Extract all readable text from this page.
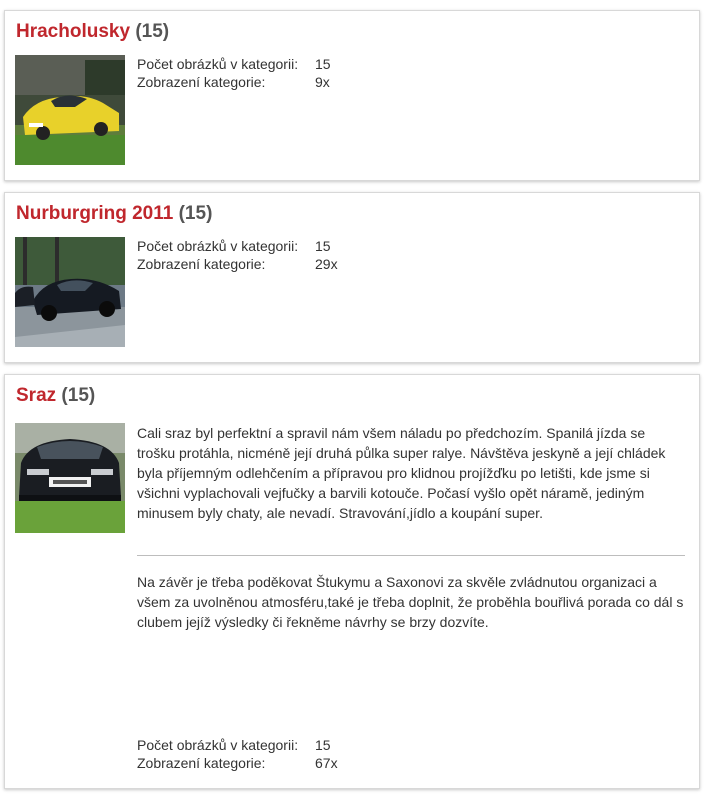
Hracholusky (15)
Počet obrázků v kategorii: 15
Zobrazení kategorie:	9x
Nurburgring 2011 (15)
Počet obrázků v kategorii: 15
Zobrazení kategorie:	29x
Sraz (15)

Cali sraz byl perfektní a spravil nám všem náladu po předchozím. Spanilá jízda se trošku protáhla, nicméně její druhá půlka super ralye. Návštěva jeskyně a její chládek byla příjemným odlehčením a přípravou pro klidnou projížďku po letišti, kde jsme si všichni vyplachovali vejfučky a barvili kotouče. Počasí vyšlo opět náramě, jediným minusem byly chaty, ale nevadí. Stravování,jídlo a koupání super.

Na závěr je třeba poděkovat Štukymu a Saxonovi za skvěle zvládnutou organizaci a všem za uvolněnou atmosféru,také je třeba doplnit, že proběhla bouřlivá porada co dál s clubem jejíž výsledky či řekněme návrhy se brzy dozvíte.

Počet obrázků v kategorii: 15
Zobrazení kategorie:	67x
